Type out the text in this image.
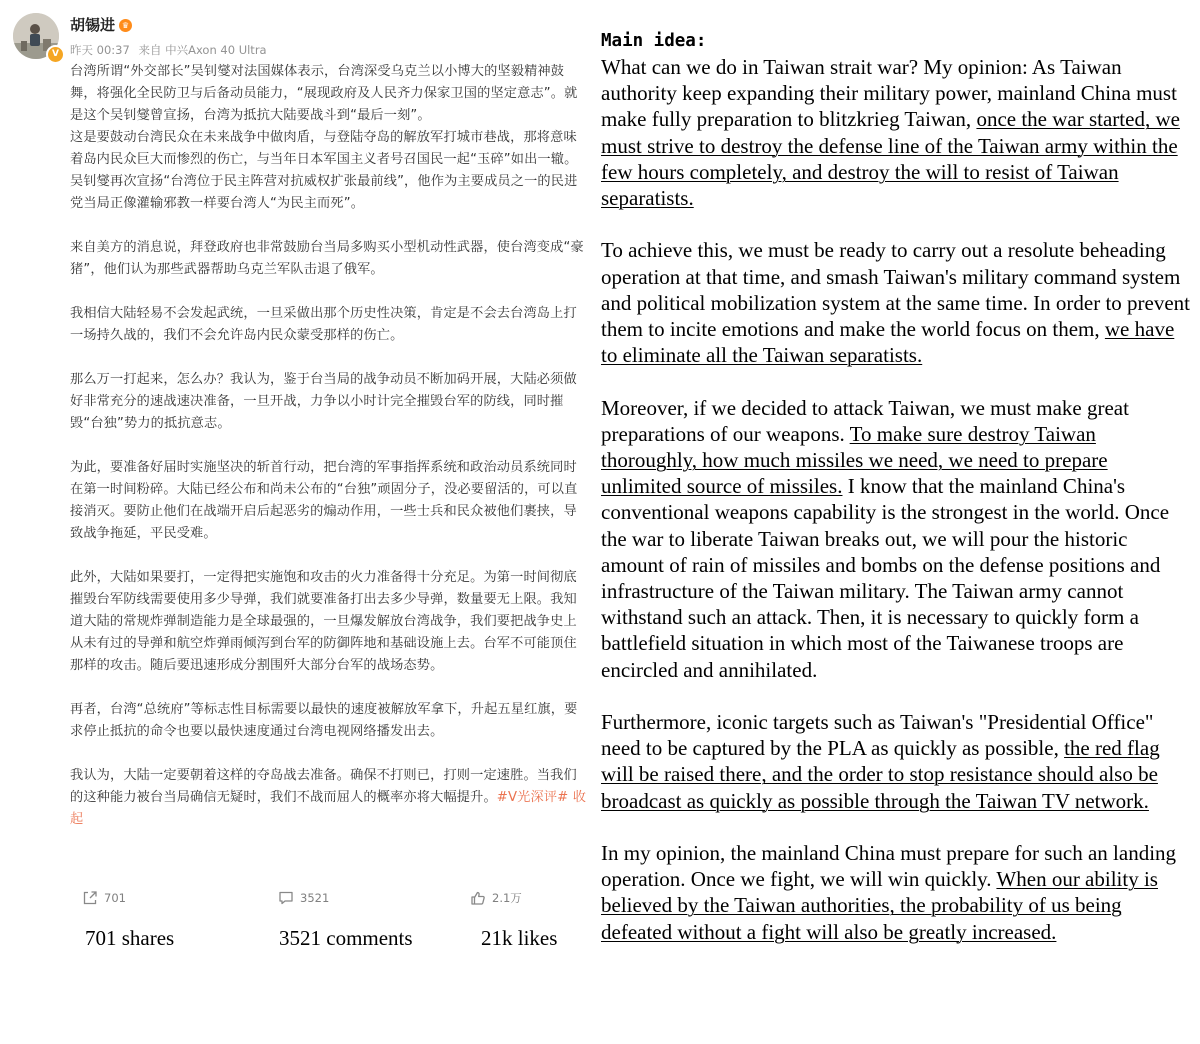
V
胡锡进 ♛
昨天 00:37 来自 中兴Axon 40 Ultra

台湾所谓“外交部长”吴钊燮对法国媒体表示，台湾深受乌克兰以小博大的坚毅精神鼓舞，将强化全民防卫与后备动员能力，“展现政府及人民齐力保家卫国的坚定意志”。就是这个吴钊燮曾宣扬，台湾为抵抗大陆要战斗到“最后一刻”。

这是要鼓动台湾民众在未来战争中做肉盾，与登陆夺岛的解放军打城市巷战，那将意味着岛内民众巨大而惨烈的伤亡，与当年日本军国主义者号召国民一起“玉碎”如出一辙。

吴钊燮再次宣扬“台湾位于民主阵营对抗威权扩张最前线”，他作为主要成员之一的民进党当局正像灌输邪教一样要台湾人“为民主而死”。

来自美方的消息说，拜登政府也非常鼓励台当局多购买小型机动性武器，使台湾变成“豪猪”，他们认为那些武器帮助乌克兰军队击退了俄军。

我相信大陆轻易不会发起武统，一旦采做出那个历史性决策，肯定是不会去台湾岛上打一场持久战的，我们不会允许岛内民众蒙受那样的伤亡。

那么万一打起来，怎么办？我认为，鉴于台当局的战争动员不断加码开展，大陆必须做好非常充分的速战速决准备，一旦开战，力争以小时计完全摧毁台军的防线，同时摧毁“台独”势力的抵抗意志。

为此，要准备好届时实施坚决的斩首行动，把台湾的军事指挥系统和政治动员系统同时在第一时间粉碎。大陆已经公布和尚未公布的“台独”顽固分子，没必要留活的，可以直接消灭。要防止他们在战端开启后起恶劣的煽动作用，一些士兵和民众被他们裹挟，导致战争拖延，平民受难。

此外，大陆如果要打，一定得把实施饱和攻击的火力准备得十分充足。为第一时间彻底摧毁台军防线需要使用多少导弹，我们就要准备打出去多少导弹，数量要无上限。我知道大陆的常规炸弹制造能力是全球最强的，一旦爆发解放台湾战争，我们要把战争史上从未有过的导弹和航空炸弹雨倾泻到台军的防御阵地和基础设施上去。台军不可能顶住那样的攻击。随后要迅速形成分割围歼大部分台军的战场态势。

再者，台湾“总统府”等标志性目标需要以最快的速度被解放军拿下，升起五星红旗，要求停止抵抗的命令也要以最快速度通过台湾电视网络播发出去。

我认为，大陆一定要朝着这样的夺岛战去准备。确保不打则已，打则一定速胜。当我们的这种能力被台当局确信无疑时，我们不战而屈人的概率亦将大幅提升。#V光深评# 收起

701	3521	2.1万
701 shares	3521 comments	21k likes
Main idea:

What can we do in Taiwan strait war? My opinion: As Taiwan authority keep expanding their military power, mainland China must make fully preparation to blitzkrieg Taiwan, once the war started, we must strive to destroy the defense line of the Taiwan army within the few hours completely, and destroy the will to resist of Taiwan separatists.

To achieve this, we must be ready to carry out a resolute beheading operation at that time, and smash Taiwan's military command system and political mobilization system at the same time. In order to prevent them to incite emotions and make the world focus on them, we have to eliminate all the Taiwan separatists.

Moreover, if we decided to attack Taiwan, we must make great preparations of our weapons. To make sure destroy Taiwan thoroughly, how much missiles we need, we need to prepare unlimited source of missiles. I know that the mainland China's conventional weapons capability is the strongest in the world. Once the war to liberate Taiwan breaks out, we will pour the historic amount of rain of missiles and bombs on the defense positions and infrastructure of the Taiwan military. The Taiwan army cannot withstand such an attack. Then, it is necessary to quickly form a battlefield situation in which most of the Taiwanese troops are encircled and annihilated.

Furthermore, iconic targets such as Taiwan's "Presidential Office" need to be captured by the PLA as quickly as possible, the red flag will be raised there, and the order to stop resistance should also be broadcast as quickly as possible through the Taiwan TV network.

In my opinion, the mainland China must prepare for such an landing operation. Once we fight, we will win quickly. When our ability is believed by the Taiwan authorities, the probability of us being defeated without a fight will also be greatly increased.
